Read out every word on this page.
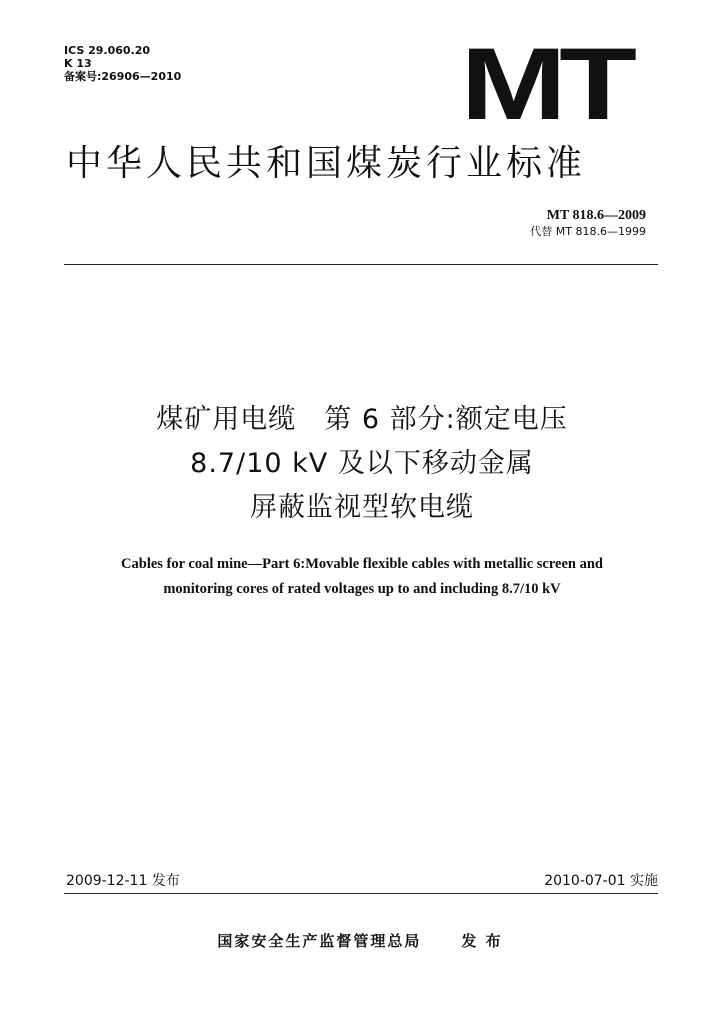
ICS 29.060.20
K 13
备案号:26906—2010	MT
中华人民共和国煤炭行业标准
MT 818.6—2009
代替 MT 818.6—1999
煤矿用电缆　第 6 部分:额定电压
8.7/10 kV 及以下移动金属
屏蔽监视型软电缆
Cables for coal mine—Part 6:Movable flexible cables with metallic screen and
monitoring cores of rated voltages up to and including 8.7/10 kV
2009-12-11 发布	2010-07-01 实施
国家安全生产监督管理总局	发 布
